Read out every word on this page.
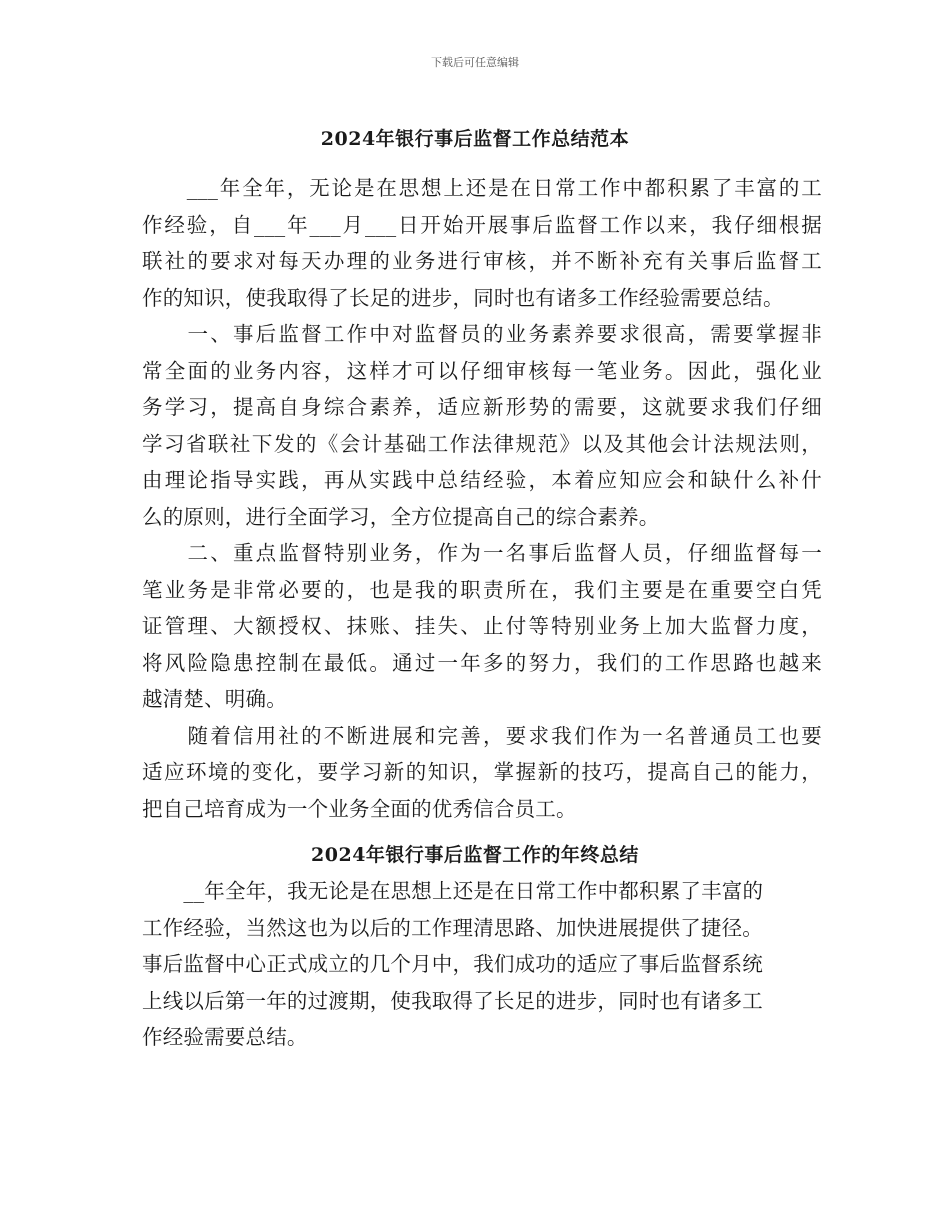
下载后可任意编辑
2024年银行事后监督工作总结范本
　　___年全年，无论是在思想上还是在日常工作中都积累了丰富的工
作经验，自___年___月___日开始开展事后监督工作以来，我仔细根据
联社的要求对每天办理的业务进行审核，并不断补充有关事后监督工
作的知识，使我取得了长足的进步，同时也有诸多工作经验需要总结。
　　一、事后监督工作中对监督员的业务素养要求很高，需要掌握非
常全面的业务内容，这样才可以仔细审核每一笔业务。因此，强化业
务学习，提高自身综合素养，适应新形势的需要，这就要求我们仔细
学习省联社下发的《会计基础工作法律规范》以及其他会计法规法则，
由理论指导实践，再从实践中总结经验，本着应知应会和缺什么补什
么的原则，进行全面学习，全方位提高自己的综合素养。
　　二、重点监督特别业务，作为一名事后监督人员，仔细监督每一
笔业务是非常必要的，也是我的职责所在，我们主要是在重要空白凭
证管理、大额授权、抹账、挂失、止付等特别业务上加大监督力度，
将风险隐患控制在最低。通过一年多的努力，我们的工作思路也越来
越清楚、明确。
　　随着信用社的不断进展和完善，要求我们作为一名普通员工也要
适应环境的变化，要学习新的知识，掌握新的技巧，提高自己的能力，
把自己培育成为一个业务全面的优秀信合员工。
2024年银行事后监督工作的年终总结
　　__年全年，我无论是在思想上还是在日常工作中都积累了丰富的
工作经验，当然这也为以后的工作理清思路、加快进展提供了捷径。
事后监督中心正式成立的几个月中，我们成功的适应了事后监督系统
上线以后第一年的过渡期，使我取得了长足的进步，同时也有诸多工
作经验需要总结。
